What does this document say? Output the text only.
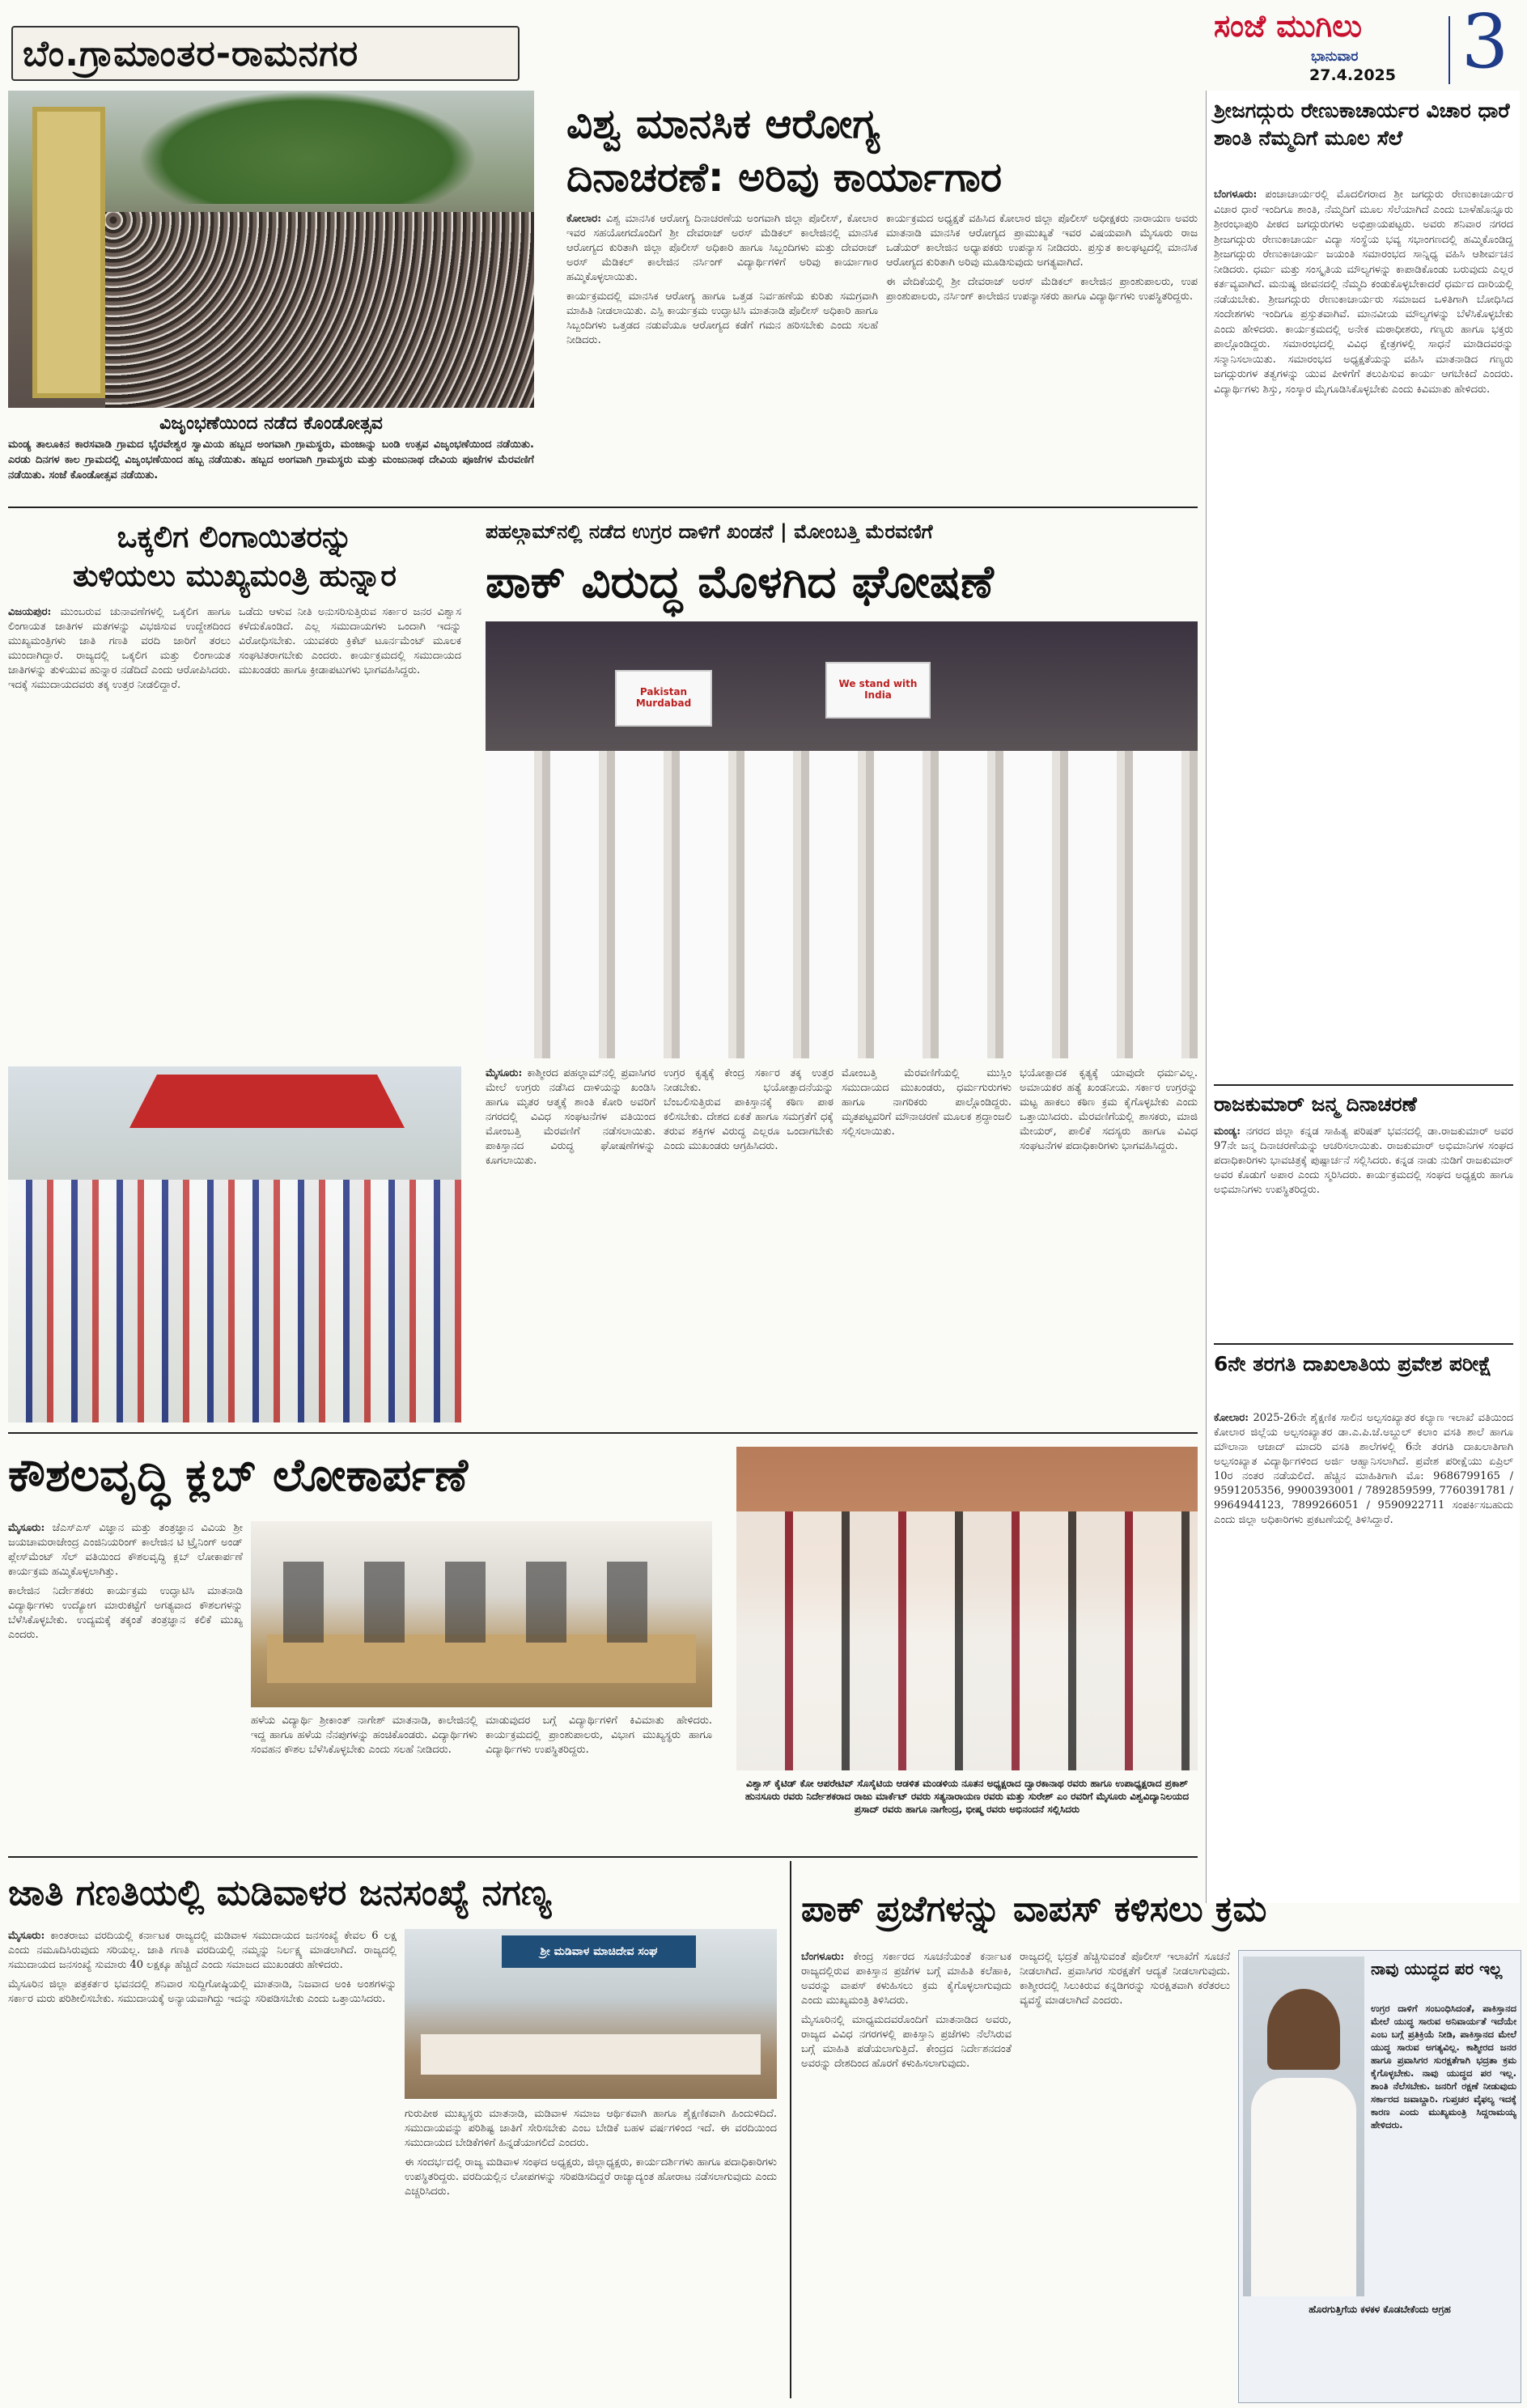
ಬೆಂ.ಗ್ರಾಮಾಂತರ-ರಾಮನಗರ
ಸಂಜೆ ಮುಗಿಲು
ಭಾನುವಾರ
27.4.2025 3
ವಿಜೃಂಭಣೆಯಿಂದ ನಡೆದ ಕೊಂಡೋತ್ಸವ
ಮಂಡ್ಯ ತಾಲೂಕಿನ ಕಾರಸವಾಡಿ ಗ್ರಾಮದ ಭೈರವೇಶ್ವರ ಸ್ವಾಮಿಯ ಹಬ್ಬದ ಅಂಗವಾಗಿ ಗ್ರಾಮಸ್ಥರು, ಮಂಜಾನ್ನು ಬಂಡಿ ಉತ್ಸವ ವಿಜೃಂಭಣೆಯಿಂದ ನಡೆಯಿತು. ಎರಡು ದಿನಗಳ ಕಾಲ ಗ್ರಾಮದಲ್ಲಿ ವಿಜೃಂಭಣೆಯಿಂದ ಹಬ್ಬ ನಡೆಯಿತು. ಹಬ್ಬದ ಅಂಗವಾಗಿ ಗ್ರಾಮಸ್ಥರು ಮತ್ತು ಮಂಜುನಾಥ ದೇವಿಯ ಪೂಜೆಗಳ ಮೆರವಣಿಗೆ ನಡೆಯಿತು. ಸಂಜೆ ಕೊಂಡೋತ್ಸವ ನಡೆಯಿತು.
ವಿಶ್ವ ಮಾನಸಿಕ ಆರೋಗ್ಯ
ದಿನಾಚರಣೆ: ಅರಿವು ಕಾರ್ಯಾಗಾರ

ಕೋಲಾರ: ವಿಶ್ವ ಮಾನಸಿಕ ಆರೋಗ್ಯ ದಿನಾಚರಣೆಯ ಅಂಗವಾಗಿ ಜಿಲ್ಲಾ ಪೊಲೀಸ್, ಕೋಲಾರ ಇವರ ಸಹಯೋಗದೊಂದಿಗೆ ಶ್ರೀ ದೇವರಾಜ್ ಅರಸ್ ಮೆಡಿಕಲ್ ಕಾಲೇಜಿನಲ್ಲಿ ಮಾನಸಿಕ ಆರೋಗ್ಯದ ಕುರಿತಾಗಿ ಜಿಲ್ಲಾ ಪೊಲೀಸ್ ಅಧಿಕಾರಿ ಹಾಗೂ ಸಿಬ್ಬಂದಿಗಳು ಮತ್ತು ದೇವರಾಜ್ ಅರಸ್ ಮೆಡಿಕಲ್ ಕಾಲೇಜಿನ ನರ್ಸಿಂಗ್ ವಿದ್ಯಾರ್ಥಿಗಳಿಗೆ ಅರಿವು ಕಾರ್ಯಾಗಾರ ಹಮ್ಮಿಕೊಳ್ಳಲಾಯಿತು.

ಕಾರ್ಯಕ್ರಮದಲ್ಲಿ ಮಾನಸಿಕ ಆರೋಗ್ಯ ಹಾಗೂ ಒತ್ತಡ ನಿರ್ವಹಣೆಯ ಕುರಿತು ಸಮಗ್ರವಾಗಿ ಮಾಹಿತಿ ನೀಡಲಾಯಿತು. ಎಸ್ಪಿ ಕಾರ್ಯಕ್ರಮ ಉದ್ಘಾಟಿಸಿ ಮಾತನಾಡಿ ಪೊಲೀಸ್ ಅಧಿಕಾರಿ ಹಾಗೂ ಸಿಬ್ಬಂದಿಗಳು ಒತ್ತಡದ ನಡುವೆಯೂ ಆರೋಗ್ಯದ ಕಡೆಗೆ ಗಮನ ಹರಿಸಬೇಕು ಎಂದು ಸಲಹೆ ನೀಡಿದರು.

ಕಾರ್ಯಕ್ರಮದ ಅಧ್ಯಕ್ಷತೆ ವಹಿಸಿದ ಕೋಲಾರ ಜಿಲ್ಲಾ ಪೊಲೀಸ್ ಅಧೀಕ್ಷಕರು ನಾರಾಯಣ ಅವರು ಮಾತನಾಡಿ ಮಾನಸಿಕ ಆರೋಗ್ಯದ ಪ್ರಾಮುಖ್ಯತೆ ಇವರ ವಿಷಯವಾಗಿ ಮೈಸೂರು ರಾಜ ಒಡೆಯರ್ ಕಾಲೇಜಿನ ಅಧ್ಯಾಪಕರು ಉಪನ್ಯಾಸ ನೀಡಿದರು. ಪ್ರಸ್ತುತ ಕಾಲಘಟ್ಟದಲ್ಲಿ ಮಾನಸಿಕ ಆರೋಗ್ಯದ ಕುರಿತಾಗಿ ಅರಿವು ಮೂಡಿಸುವುದು ಅಗತ್ಯವಾಗಿದೆ.

ಈ ವೇದಿಕೆಯಲ್ಲಿ ಶ್ರೀ ದೇವರಾಜ್ ಅರಸ್ ಮೆಡಿಕಲ್ ಕಾಲೇಜಿನ ಪ್ರಾಂಶುಪಾಲರು, ಉಪ ಪ್ರಾಂಶುಪಾಲರು, ನರ್ಸಿಂಗ್ ಕಾಲೇಜಿನ ಉಪನ್ಯಾಸಕರು ಹಾಗೂ ವಿದ್ಯಾರ್ಥಿಗಳು ಉಪಸ್ಥಿತರಿದ್ದರು.

ಶ್ರೀಜಗದ್ಗುರು ರೇಣುಕಾಚಾರ್ಯರ ವಿಚಾರ ಧಾರೆ ಶಾಂತಿ ನೆಮ್ಮದಿಗೆ ಮೂಲ ಸೆಲೆ
ಬೆಂಗಳೂರು: ಪಂಚಾಚಾರ್ಯರಲ್ಲಿ ಮೊದಲಿಗರಾದ ಶ್ರೀ ಜಗದ್ಗುರು ರೇಣುಕಾಚಾರ್ಯರ ವಿಚಾರ ಧಾರೆ ಇಂದಿಗೂ ಶಾಂತಿ, ನೆಮ್ಮದಿಗೆ ಮೂಲ ಸೆಲೆಯಾಗಿದೆ ಎಂದು ಬಾಳೆಹೊನ್ನೂರು ಶ್ರೀರಂಭಾಪುರಿ ಪೀಠದ ಜಗದ್ಗುರುಗಳು ಅಭಿಪ್ರಾಯಪಟ್ಟರು. ಅವರು ಶನಿವಾರ ನಗರದ ಶ್ರೀಜಗದ್ಗುರು ರೇಣುಕಾಚಾರ್ಯ ವಿದ್ಯಾ ಸಂಸ್ಥೆಯ ಭವ್ಯ ಸಭಾಂಗಣದಲ್ಲಿ ಹಮ್ಮಿಕೊಂಡಿದ್ದ ಶ್ರೀಜಗದ್ಗುರು ರೇಣುಕಾಚಾರ್ಯ ಜಯಂತಿ ಸಮಾರಂಭದ ಸಾನ್ನಿಧ್ಯ ವಹಿಸಿ ಆಶೀರ್ವಚನ ನೀಡಿದರು. ಧರ್ಮ ಮತ್ತು ಸಂಸ್ಕೃತಿಯ ಮೌಲ್ಯಗಳನ್ನು ಕಾಪಾಡಿಕೊಂಡು ಬರುವುದು ಎಲ್ಲರ ಕರ್ತವ್ಯವಾಗಿದೆ. ಮನುಷ್ಯ ಜೀವನದಲ್ಲಿ ನೆಮ್ಮದಿ ಕಂಡುಕೊಳ್ಳಬೇಕಾದರೆ ಧರ್ಮದ ದಾರಿಯಲ್ಲಿ ನಡೆಯಬೇಕು. ಶ್ರೀಜಗದ್ಗುರು ರೇಣುಕಾಚಾರ್ಯರು ಸಮಾಜದ ಒಳಿತಿಗಾಗಿ ಬೋಧಿಸಿದ ಸಂದೇಶಗಳು ಇಂದಿಗೂ ಪ್ರಸ್ತುತವಾಗಿವೆ. ಮಾನವೀಯ ಮೌಲ್ಯಗಳನ್ನು ಬೆಳೆಸಿಕೊಳ್ಳಬೇಕು ಎಂದು ಹೇಳಿದರು. ಕಾರ್ಯಕ್ರಮದಲ್ಲಿ ಅನೇಕ ಮಠಾಧೀಶರು, ಗಣ್ಯರು ಹಾಗೂ ಭಕ್ತರು ಪಾಲ್ಗೊಂಡಿದ್ದರು. ಸಮಾರಂಭದಲ್ಲಿ ವಿವಿಧ ಕ್ಷೇತ್ರಗಳಲ್ಲಿ ಸಾಧನೆ ಮಾಡಿದವರನ್ನು ಸನ್ಮಾನಿಸಲಾಯಿತು. ಸಮಾರಂಭದ ಅಧ್ಯಕ್ಷತೆಯನ್ನು ವಹಿಸಿ ಮಾತನಾಡಿದ ಗಣ್ಯರು ಜಗದ್ಗುರುಗಳ ತತ್ವಗಳನ್ನು ಯುವ ಪೀಳಿಗೆಗೆ ತಲುಪಿಸುವ ಕಾರ್ಯ ಆಗಬೇಕಿದೆ ಎಂದರು. ವಿದ್ಯಾರ್ಥಿಗಳು ಶಿಸ್ತು, ಸಂಸ್ಕಾರ ಮೈಗೂಡಿಸಿಕೊಳ್ಳಬೇಕು ಎಂದು ಕಿವಿಮಾತು ಹೇಳಿದರು.
ರಾಜಕುಮಾರ್ ಜನ್ಮ ದಿನಾಚರಣೆ
ಮಂಡ್ಯ: ನಗರದ ಜಿಲ್ಲಾ ಕನ್ನಡ ಸಾಹಿತ್ಯ ಪರಿಷತ್ ಭವನದಲ್ಲಿ ಡಾ.ರಾಜಕುಮಾರ್ ಅವರ 97ನೇ ಜನ್ಮ ದಿನಾಚರಣೆಯನ್ನು ಆಚರಿಸಲಾಯಿತು. ರಾಜಕುಮಾರ್ ಅಭಿಮಾನಿಗಳ ಸಂಘದ ಪದಾಧಿಕಾರಿಗಳು ಭಾವಚಿತ್ರಕ್ಕೆ ಪುಷ್ಪಾರ್ಚನೆ ಸಲ್ಲಿಸಿದರು. ಕನ್ನಡ ನಾಡು ನುಡಿಗೆ ರಾಜಕುಮಾರ್ ಅವರ ಕೊಡುಗೆ ಅಪಾರ ಎಂದು ಸ್ಮರಿಸಿದರು. ಕಾರ್ಯಕ್ರಮದಲ್ಲಿ ಸಂಘದ ಅಧ್ಯಕ್ಷರು ಹಾಗೂ ಅಭಿಮಾನಿಗಳು ಉಪಸ್ಥಿತರಿದ್ದರು.
6ನೇ ತರಗತಿ ದಾಖಲಾತಿಯ ಪ್ರವೇಶ ಪರೀಕ್ಷೆ
ಕೋಲಾರ: 2025-26ನೇ ಶೈಕ್ಷಣಿಕ ಸಾಲಿನ ಅಲ್ಪಸಂಖ್ಯಾತರ ಕಲ್ಯಾಣ ಇಲಾಖೆ ವತಿಯಿಂದ ಕೋಲಾರ ಜಿಲ್ಲೆಯ ಅಲ್ಪಸಂಖ್ಯಾತರ ಡಾ.ಎ.ಪಿ.ಜೆ.ಅಬ್ದುಲ್ ಕಲಾಂ ವಸತಿ ಶಾಲೆ ಹಾಗೂ ಮೌಲಾನಾ ಆಜಾದ್ ಮಾದರಿ ವಸತಿ ಶಾಲೆಗಳಲ್ಲಿ 6ನೇ ತರಗತಿ ದಾಖಲಾತಿಗಾಗಿ ಅಲ್ಪಸಂಖ್ಯಾತ ವಿದ್ಯಾರ್ಥಿಗಳಿಂದ ಅರ್ಜಿ ಆಹ್ವಾನಿಸಲಾಗಿದೆ. ಪ್ರವೇಶ ಪರೀಕ್ಷೆಯು ಏಪ್ರಿಲ್ 10ರ ನಂತರ ನಡೆಯಲಿದೆ. ಹೆಚ್ಚಿನ ಮಾಹಿತಿಗಾಗಿ ಮೊ: 9686799165 / 9591205356, 9900393001 / 7892859599, 7760391781 / 9964944123, 7899266051 / 9590922711 ಸಂಪರ್ಕಿಸಬಹುದು ಎಂದು ಜಿಲ್ಲಾ ಅಧಿಕಾರಿಗಳು ಪ್ರಕಟಣೆಯಲ್ಲಿ ತಿಳಿಸಿದ್ದಾರೆ.
ಒಕ್ಕಲಿಗ ಲಿಂಗಾಯಿತರನ್ನು
ತುಳಿಯಲು ಮುಖ್ಯಮಂತ್ರಿ ಹುನ್ನಾರ
ವಿಜಯಪುರ: ಮುಂಬರುವ ಚುನಾವಣೆಗಳಲ್ಲಿ ಒಕ್ಕಲಿಗ ಹಾಗೂ ಲಿಂಗಾಯತ ಜಾತಿಗಳ ಮತಗಳನ್ನು ವಿಭಜಿಸುವ ಉದ್ದೇಶದಿಂದ ಮುಖ್ಯಮಂತ್ರಿಗಳು ಜಾತಿ ಗಣತಿ ವರದಿ ಜಾರಿಗೆ ತರಲು ಮುಂದಾಗಿದ್ದಾರೆ. ರಾಜ್ಯದಲ್ಲಿ ಒಕ್ಕಲಿಗ ಮತ್ತು ಲಿಂಗಾಯತ ಜಾತಿಗಳನ್ನು ತುಳಿಯುವ ಹುನ್ನಾರ ನಡೆದಿದೆ ಎಂದು ಆರೋಪಿಸಿದರು. ಇದಕ್ಕೆ ಸಮುದಾಯದವರು ತಕ್ಕ ಉತ್ತರ ನೀಡಲಿದ್ದಾರೆ.
ಒಡೆದು ಆಳುವ ನೀತಿ ಅನುಸರಿಸುತ್ತಿರುವ ಸರ್ಕಾರ ಜನರ ವಿಶ್ವಾಸ ಕಳೆದುಕೊಂಡಿದೆ. ಎಲ್ಲ ಸಮುದಾಯಗಳು ಒಂದಾಗಿ ಇದನ್ನು ವಿರೋಧಿಸಬೇಕು. ಯುವಕರು ಕ್ರಿಕೆಟ್ ಟೂರ್ನಮೆಂಟ್ ಮೂಲಕ ಸಂಘಟಿತರಾಗಬೇಕು ಎಂದರು. ಕಾರ್ಯಕ್ರಮದಲ್ಲಿ ಸಮುದಾಯದ ಮುಖಂಡರು ಹಾಗೂ ಕ್ರೀಡಾಪಟುಗಳು ಭಾಗವಹಿಸಿದ್ದರು.
ಪಹಲ್ಗಾಮ್‌ನಲ್ಲಿ ನಡೆದ ಉಗ್ರರ ದಾಳಿಗೆ ಖಂಡನೆ | ಮೋಂಬತ್ತಿ ಮೆರವಣಿಗೆ
ಪಾಕ್ ವಿರುದ್ಧ ಮೊಳಗಿದ ಘೋಷಣೆ
Pakistan Murdabad
We stand with India
ಮೈಸೂರು: ಕಾಶ್ಮೀರದ ಪಹಲ್ಗಾಮ್‌ನಲ್ಲಿ ಪ್ರವಾಸಿಗರ ಮೇಲೆ ಉಗ್ರರು ನಡೆಸಿದ ದಾಳಿಯನ್ನು ಖಂಡಿಸಿ ಹಾಗೂ ಮೃತರ ಆತ್ಮಕ್ಕೆ ಶಾಂತಿ ಕೋರಿ ಅವರಿಗೆ ನಗರದಲ್ಲಿ ವಿವಿಧ ಸಂಘಟನೆಗಳ ವತಿಯಿಂದ ಮೋಂಬತ್ತಿ ಮೆರವಣಿಗೆ ನಡೆಸಲಾಯಿತು. ಪಾಕಿಸ್ತಾನದ ವಿರುದ್ಧ ಘೋಷಣೆಗಳನ್ನು ಕೂಗಲಾಯಿತು.
ಉಗ್ರರ ಕೃತ್ಯಕ್ಕೆ ಕೇಂದ್ರ ಸರ್ಕಾರ ತಕ್ಕ ಉತ್ತರ ನೀಡಬೇಕು. ಭಯೋತ್ಪಾದನೆಯನ್ನು ಬೆಂಬಲಿಸುತ್ತಿರುವ ಪಾಕಿಸ್ತಾನಕ್ಕೆ ಕಠಿಣ ಪಾಠ ಕಲಿಸಬೇಕು. ದೇಶದ ಏಕತೆ ಹಾಗೂ ಸಮಗ್ರತೆಗೆ ಧಕ್ಕೆ ತರುವ ಶಕ್ತಿಗಳ ವಿರುದ್ಧ ಎಲ್ಲರೂ ಒಂದಾಗಬೇಕು ಎಂದು ಮುಖಂಡರು ಆಗ್ರಹಿಸಿದರು.
ಮೋಂಬತ್ತಿ ಮೆರವಣಿಗೆಯಲ್ಲಿ ಮುಸ್ಲಿಂ ಸಮುದಾಯದ ಮುಖಂಡರು, ಧರ್ಮಗುರುಗಳು ಹಾಗೂ ನಾಗರಿಕರು ಪಾಲ್ಗೊಂಡಿದ್ದರು. ಮೃತಪಟ್ಟವರಿಗೆ ಮೌನಾಚರಣೆ ಮೂಲಕ ಶ್ರದ್ಧಾಂಜಲಿ ಸಲ್ಲಿಸಲಾಯಿತು.
ಭಯೋತ್ಪಾದಕ ಕೃತ್ಯಕ್ಕೆ ಯಾವುದೇ ಧರ್ಮವಿಲ್ಲ. ಅಮಾಯಕರ ಹತ್ಯೆ ಖಂಡನೀಯ. ಸರ್ಕಾರ ಉಗ್ರರನ್ನು ಮಟ್ಟ ಹಾಕಲು ಕಠಿಣ ಕ್ರಮ ಕೈಗೊಳ್ಳಬೇಕು ಎಂದು ಒತ್ತಾಯಿಸಿದರು. ಮೆರವಣಿಗೆಯಲ್ಲಿ ಶಾಸಕರು, ಮಾಜಿ ಮೇಯರ್, ಪಾಲಿಕೆ ಸದಸ್ಯರು ಹಾಗೂ ವಿವಿಧ ಸಂಘಟನೆಗಳ ಪದಾಧಿಕಾರಿಗಳು ಭಾಗವಹಿಸಿದ್ದರು.
ಕೌಶಲವೃದ್ಧಿ ಕ್ಲಬ್ ಲೋಕಾರ್ಪಣೆ

ಮೈಸೂರು: ಜೆಎಸ್‌ಎಸ್ ವಿಜ್ಞಾನ ಮತ್ತು ತಂತ್ರಜ್ಞಾನ ವಿವಿಯ ಶ್ರೀ ಜಯಚಾಮರಾಜೇಂದ್ರ ಎಂಜಿನಿಯರಿಂಗ್ ಕಾಲೇಜಿನ ಟಿ ಟ್ರೈನಿಂಗ್ ಅಂಡ್ ಪ್ಲೇಸ್‌ಮೆಂಟ್ ಸೆಲ್ ವತಿಯಿಂದ ಕೌಶಲವೃದ್ಧಿ ಕ್ಲಬ್ ಲೋಕಾರ್ಪಣೆ ಕಾರ್ಯಕ್ರಮ ಹಮ್ಮಿಕೊಳ್ಳಲಾಗಿತ್ತು.

ಕಾಲೇಜಿನ ನಿರ್ದೇಶಕರು ಕಾರ್ಯಕ್ರಮ ಉದ್ಘಾಟಿಸಿ ಮಾತನಾಡಿ ವಿದ್ಯಾರ್ಥಿಗಳು ಉದ್ಯೋಗ ಮಾರುಕಟ್ಟೆಗೆ ಅಗತ್ಯವಾದ ಕೌಶಲಗಳನ್ನು ಬೆಳೆಸಿಕೊಳ್ಳಬೇಕು. ಉದ್ಯಮಕ್ಕೆ ತಕ್ಕಂತೆ ತಂತ್ರಜ್ಞಾನ ಕಲಿಕೆ ಮುಖ್ಯ ಎಂದರು.

ಹಳೆಯ ವಿದ್ಯಾರ್ಥಿ ಶ್ರೀಕಾಂತ್ ನಾಗೇಶ್ ಮಾತನಾಡಿ, ಕಾಲೇಜಿನಲ್ಲಿ ಇದ್ದ ಹಾಗೂ ಹಳೆಯ ನೆನಪುಗಳನ್ನು ಹಂಚಿಕೊಂಡರು. ವಿದ್ಯಾರ್ಥಿಗಳು ಸಂವಹನ ಕೌಶಲ ಬೆಳೆಸಿಕೊಳ್ಳಬೇಕು ಎಂದು ಸಲಹೆ ನೀಡಿದರು.
ಮಾಡುವುದರ ಬಗ್ಗೆ ವಿದ್ಯಾರ್ಥಿಗಳಿಗೆ ಕಿವಿಮಾತು ಹೇಳಿದರು. ಕಾರ್ಯಕ್ರಮದಲ್ಲಿ ಪ್ರಾಂಶುಪಾಲರು, ವಿಭಾಗ ಮುಖ್ಯಸ್ಥರು ಹಾಗೂ ವಿದ್ಯಾರ್ಥಿಗಳು ಉಪಸ್ಥಿತರಿದ್ದರು.
ವಿಶ್ವಾಸ್ ಕೈಟಿಡ್ ಕೋ ಆಪರೇಟಿವ್ ಸೊಸೈಟಿಯ ಆಡಳಿತ ಮಂಡಳಿಯ ನೂತನ ಅಧ್ಯಕ್ಷರಾದ ದ್ವಾರಕಾನಾಥ ರವರು ಹಾಗೂ ಉಪಾಧ್ಯಕ್ಷರಾದ ಪ್ರಕಾಶ್ ಹುನಸೂರು ರವರು ನಿರ್ದೇಶಕರಾದ ರಾಜು ಮಾರ್ಕೆಟ್ ರವರು ಸತ್ಯನಾರಾಯಣ ರವರು ಮತ್ತು ಸುರೇಶ್ ಎಂ ರವರಿಗೆ ಮೈಸೂರು ವಿಶ್ವವಿದ್ಯಾನಿಲಯದ ಪ್ರಸಾದ್ ರವರು ಹಾಗೂ ನಾಗೇಂದ್ರ, ಭೀಷ್ಮ ರವರು ಅಭಿನಂದನೆ ಸಲ್ಲಿಸಿದರು
ಜಾತಿ ಗಣತಿಯಲ್ಲಿ ಮಡಿವಾಳರ ಜನಸಂಖ್ಯೆ ನಗಣ್ಯ

ಮೈಸೂರು: ಕಾಂತರಾಜು ವರದಿಯಲ್ಲಿ ಕರ್ನಾಟಕ ರಾಜ್ಯದಲ್ಲಿ ಮಡಿವಾಳ ಸಮುದಾಯದ ಜನಸಂಖ್ಯೆ ಕೇವಲ 6 ಲಕ್ಷ ಎಂದು ನಮೂದಿಸಿರುವುದು ಸರಿಯಲ್ಲ. ಜಾತಿ ಗಣತಿ ವರದಿಯಲ್ಲಿ ನಮ್ಮನ್ನು ನಿರ್ಲಕ್ಷ್ಯ ಮಾಡಲಾಗಿದೆ. ರಾಜ್ಯದಲ್ಲಿ ಸಮುದಾಯದ ಜನಸಂಖ್ಯೆ ಸುಮಾರು 40 ಲಕ್ಷಕ್ಕೂ ಹೆಚ್ಚಿದೆ ಎಂದು ಸಮಾಜದ ಮುಖಂಡರು ಹೇಳಿದರು.

ಮೈಸೂರಿನ ಜಿಲ್ಲಾ ಪತ್ರಕರ್ತರ ಭವನದಲ್ಲಿ ಶನಿವಾರ ಸುದ್ದಿಗೋಷ್ಠಿಯಲ್ಲಿ ಮಾತನಾಡಿ, ನಿಜವಾದ ಅಂಕಿ ಅಂಶಗಳನ್ನು ಸರ್ಕಾರ ಮರು ಪರಿಶೀಲಿಸಬೇಕು. ಸಮುದಾಯಕ್ಕೆ ಅನ್ಯಾಯವಾಗಿದ್ದು ಇದನ್ನು ಸರಿಪಡಿಸಬೇಕು ಎಂದು ಒತ್ತಾಯಿಸಿದರು.

ಶ್ರೀ ಮಡಿವಾಳ ಮಾಚಿದೇವ ಸಂಘ

ಗುರುಪೀಠ ಮುಖ್ಯಸ್ಥರು ಮಾತನಾಡಿ, ಮಡಿವಾಳ ಸಮಾಜ ಆರ್ಥಿಕವಾಗಿ ಹಾಗೂ ಶೈಕ್ಷಣಿಕವಾಗಿ ಹಿಂದುಳಿದಿದೆ. ಸಮುದಾಯವನ್ನು ಪರಿಶಿಷ್ಟ ಜಾತಿಗೆ ಸೇರಿಸಬೇಕು ಎಂಬ ಬೇಡಿಕೆ ಬಹಳ ವರ್ಷಗಳಿಂದ ಇದೆ. ಈ ವರದಿಯಿಂದ ಸಮುದಾಯದ ಬೇಡಿಕೆಗಳಿಗೆ ಹಿನ್ನಡೆಯಾಗಲಿದೆ ಎಂದರು.

ಈ ಸಂದರ್ಭದಲ್ಲಿ ರಾಜ್ಯ ಮಡಿವಾಳ ಸಂಘದ ಅಧ್ಯಕ್ಷರು, ಜಿಲ್ಲಾಧ್ಯಕ್ಷರು, ಕಾರ್ಯದರ್ಶಿಗಳು ಹಾಗೂ ಪದಾಧಿಕಾರಿಗಳು ಉಪಸ್ಥಿತರಿದ್ದರು. ವರದಿಯಲ್ಲಿನ ಲೋಪಗಳನ್ನು ಸರಿಪಡಿಸದಿದ್ದರೆ ರಾಜ್ಯಾದ್ಯಂತ ಹೋರಾಟ ನಡೆಸಲಾಗುವುದು ಎಂದು ಎಚ್ಚರಿಸಿದರು.

ಪಾಕ್ ಪ್ರಜೆಗಳನ್ನು ವಾಪಸ್ ಕಳಿಸಲು ಕ್ರಮ

ಬೆಂಗಳೂರು: ಕೇಂದ್ರ ಸರ್ಕಾರದ ಸೂಚನೆಯಂತೆ ಕರ್ನಾಟಕ ರಾಜ್ಯದಲ್ಲಿರುವ ಪಾಕಿಸ್ತಾನ ಪ್ರಜೆಗಳ ಬಗ್ಗೆ ಮಾಹಿತಿ ಕಲೆಹಾಕಿ, ಅವರನ್ನು ವಾಪಸ್ ಕಳುಹಿಸಲು ಕ್ರಮ ಕೈಗೊಳ್ಳಲಾಗುವುದು ಎಂದು ಮುಖ್ಯಮಂತ್ರಿ ತಿಳಿಸಿದರು.

ಮೈಸೂರಿನಲ್ಲಿ ಮಾಧ್ಯಮದವರೊಂದಿಗೆ ಮಾತನಾಡಿದ ಅವರು, ರಾಜ್ಯದ ವಿವಿಧ ನಗರಗಳಲ್ಲಿ ಪಾಕಿಸ್ತಾನಿ ಪ್ರಜೆಗಳು ನೆಲೆಸಿರುವ ಬಗ್ಗೆ ಮಾಹಿತಿ ಪಡೆಯಲಾಗುತ್ತಿದೆ. ಕೇಂದ್ರದ ನಿರ್ದೇಶನದಂತೆ ಅವರನ್ನು ದೇಶದಿಂದ ಹೊರಗೆ ಕಳುಹಿಸಲಾಗುವುದು.

ರಾಜ್ಯದಲ್ಲಿ ಭದ್ರತೆ ಹೆಚ್ಚಿಸುವಂತೆ ಪೊಲೀಸ್ ಇಲಾಖೆಗೆ ಸೂಚನೆ ನೀಡಲಾಗಿದೆ. ಪ್ರವಾಸಿಗರ ಸುರಕ್ಷತೆಗೆ ಆದ್ಯತೆ ನೀಡಲಾಗುವುದು. ಕಾಶ್ಮೀರದಲ್ಲಿ ಸಿಲುಕಿರುವ ಕನ್ನಡಿಗರನ್ನು ಸುರಕ್ಷಿತವಾಗಿ ಕರೆತರಲು ವ್ಯವಸ್ಥೆ ಮಾಡಲಾಗಿದೆ ಎಂದರು.
ನಾವು ಯುದ್ಧದ ಪರ ಇಲ್ಲ
ಉಗ್ರರ ದಾಳಿಗೆ ಸಂಬಂಧಿಸಿದಂತೆ, ಪಾಕಿಸ್ತಾನದ ಮೇಲೆ ಯುದ್ಧ ಸಾರುವ ಅನಿವಾರ್ಯತೆ ಇದೆಯೇ ಎಂಬ ಬಗ್ಗೆ ಪ್ರತಿಕ್ರಿಯೆ ನೀಡಿ, ಪಾಕಿಸ್ತಾನದ ಮೇಲೆ ಯುದ್ಧ ಸಾರುವ ಅಗತ್ಯವಿಲ್ಲ. ಕಾಶ್ಮೀರದ ಜನರ ಹಾಗೂ ಪ್ರವಾಸಿಗರ ಸುರಕ್ಷತೆಗಾಗಿ ಭದ್ರತಾ ಕ್ರಮ ಕೈಗೊಳ್ಳಬೇಕು. ನಾವು ಯುದ್ಧದ ಪರ ಇಲ್ಲ. ಶಾಂತಿ ನೆಲೆಸಬೇಕು. ಜನರಿಗೆ ರಕ್ಷಣೆ ನೀಡುವುದು ಸರ್ಕಾರದ ಜವಾಬ್ದಾರಿ. ಗುಪ್ತಚರ ವೈಫಲ್ಯ ಇದಕ್ಕೆ ಕಾರಣ ಎಂದು ಮುಖ್ಯಮಂತ್ರಿ ಸಿದ್ದರಾಮಯ್ಯ ಹೇಳಿದರು.
ಹೊರಗುತ್ತಿಗೆಯ ಕಳಕಳ ಕೊಡಬೇಕೆಂದು ಆಗ್ರಹ
